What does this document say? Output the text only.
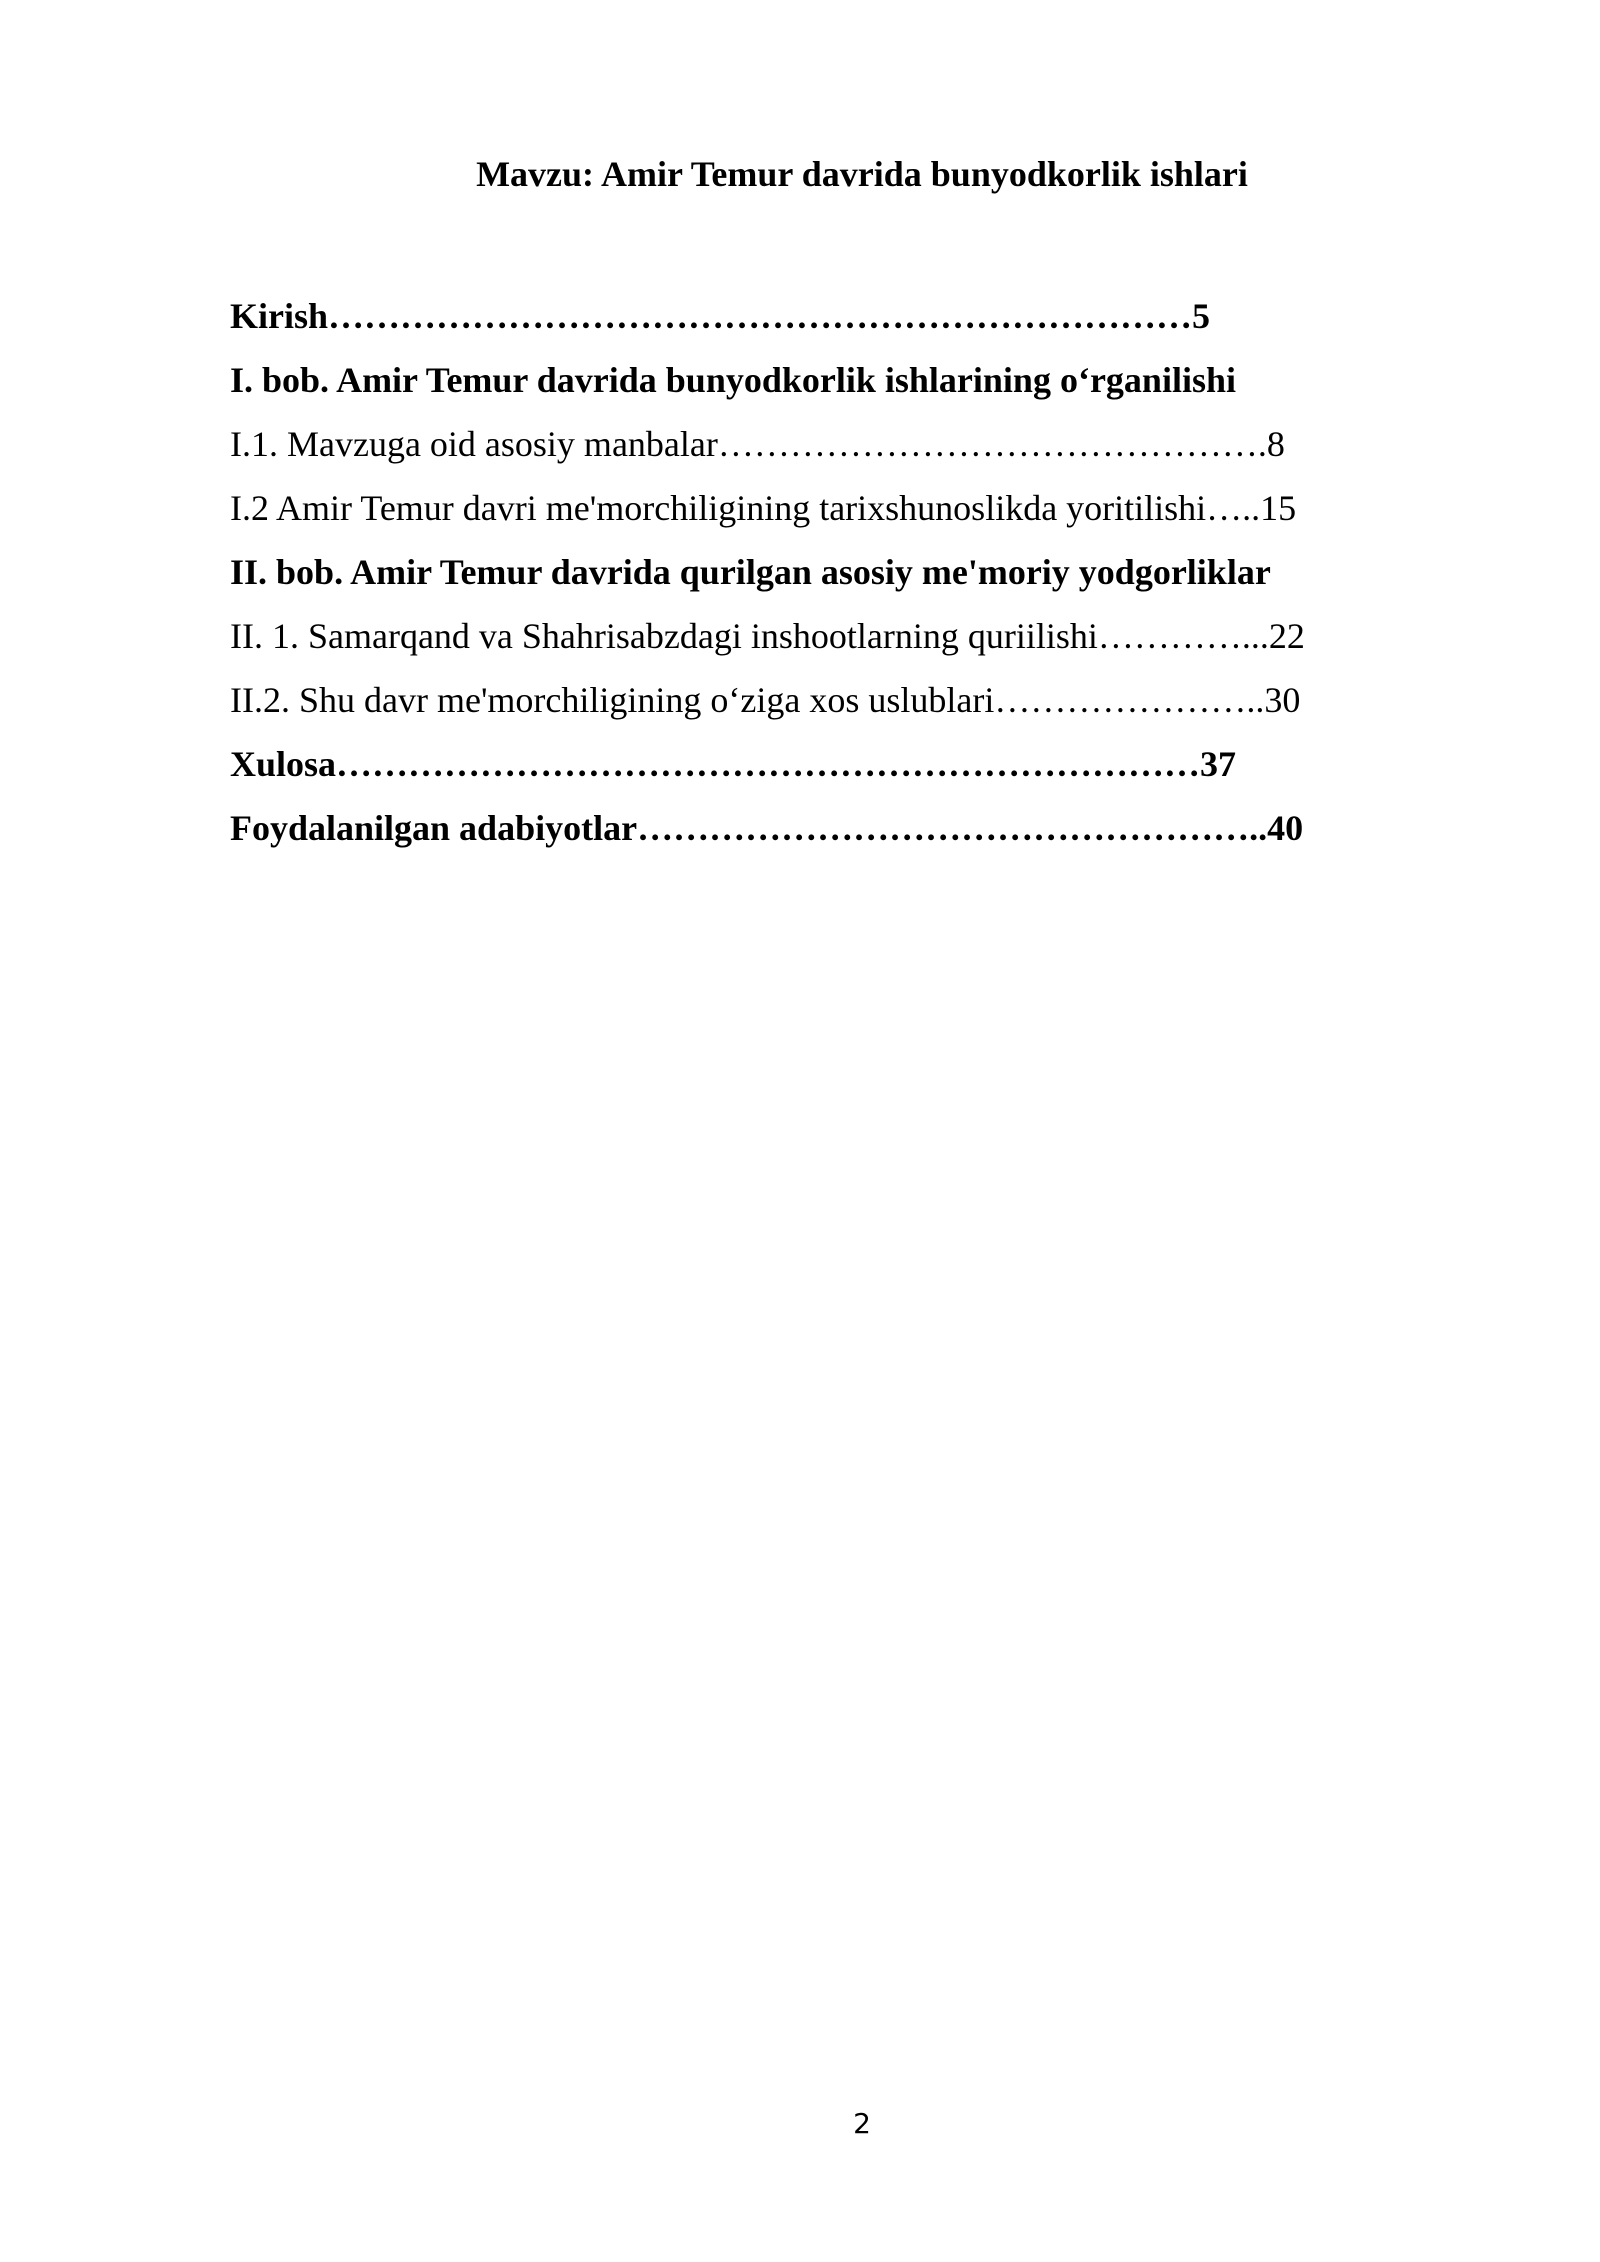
Mavzu: Amir Temur davrida bunyodkorlik ishlari
Kirish………………………………………………………………5
I. bob. Amir Temur davrida bunyodkorlik ishlarining o‘rganilishi
I.1. Mavzuga oid asosiy manbalar……………………………………….8
I.2 Amir Temur davri me'morchiligining tarixshunoslikda yoritilishi…..15
II. bob. Amir Temur davrida qurilgan asosiy me'moriy yodgorliklar
II. 1. Samarqand va Shahrisabzdagi inshootlarning quriilishi…………...22
II.2. Shu davr me'morchiligining o‘ziga xos uslublari…………………..30
Xulosa………………………………………………………………37
Foydalanilgan adabiyotlar……………………………………………..40
2
